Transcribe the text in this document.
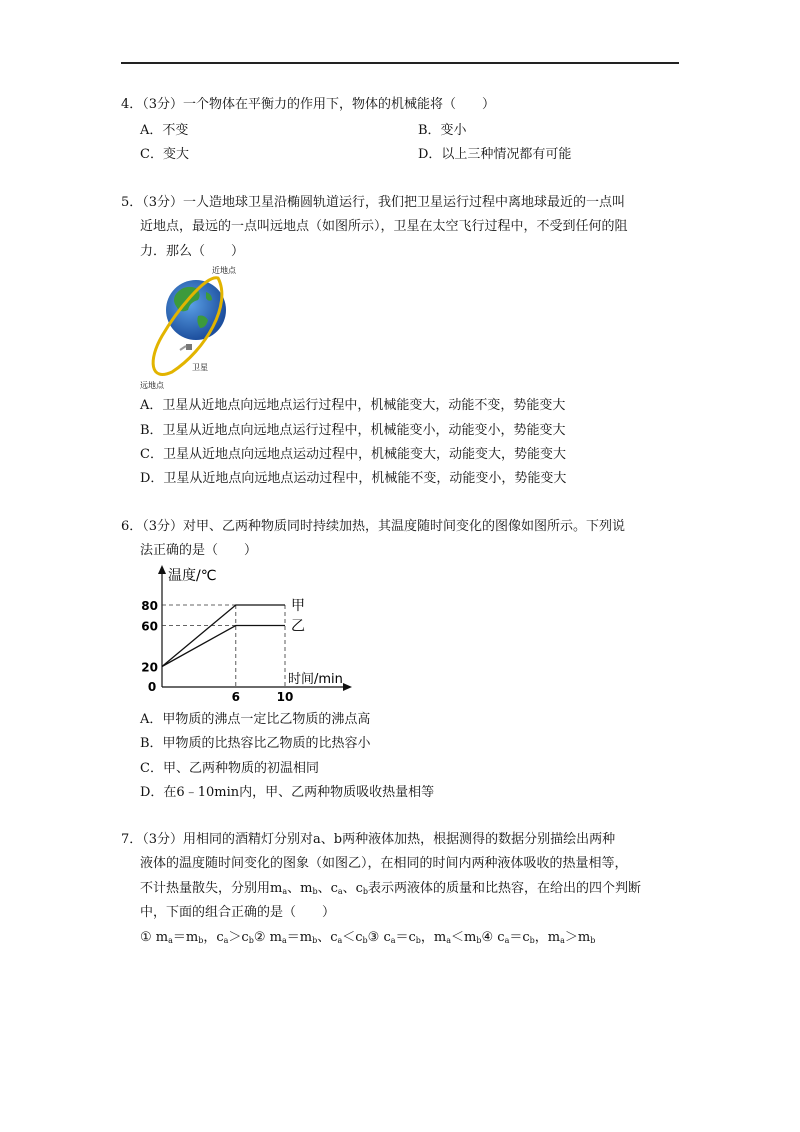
4．（3分）一个物体在平衡力的作用下，物体的机械能将（　　）
A．不变	B．变小
C．变大	D．以上三种情况都有可能
5．（3分）一人造地球卫星沿椭圆轨道运行，我们把卫星运行过程中离地球最近的一点叫
近地点，最远的一点叫远地点（如图所示），卫星在太空飞行过程中，不受到任何的阻
力．那么（　　）
近地点
卫星
远地点
A．卫星从近地点向远地点运行过程中，机械能变大，动能不变，势能变大
B．卫星从近地点向远地点运行过程中，机械能变小，动能变小，势能变大
C．卫星从近地点向远地点运动过程中，机械能变大，动能变大，势能变大
D．卫星从近地点向远地点运动过程中，机械能不变，动能变小，势能变大
6．（3分）对甲、乙两种物质同时持续加热，其温度随时间变化的图像如图所示。下列说
法正确的是（　　）
温度/℃
时间/min
甲
乙
20
60
80
0
6	10
A．甲物质的沸点一定比乙物质的沸点高
B．甲物质的比热容比乙物质的比热容小
C．甲、乙两种物质的初温相同
D．在6﹣10min内，甲、乙两种物质吸收热量相等
7．（3分）用相同的酒精灯分别对a、b两种液体加热，根据测得的数据分别描绘出两种
液体的温度随时间变化的图象（如图乙），在相同的时间内两种液体吸收的热量相等，
不计热量散失，分别用$m_a$、$m_b$、$c_a$、$c_b$表示两液体的质量和比热容，在给出的四个判断
中，下面的组合正确的是（　　）
① $m_a=m_b$，$c_a>c_b②$ $m_a=m_b$、$c_a<c_b③$ $c_a=c_b$，$m_a<m_b④$ $c_a=c_b$，$m_a>m_b$
